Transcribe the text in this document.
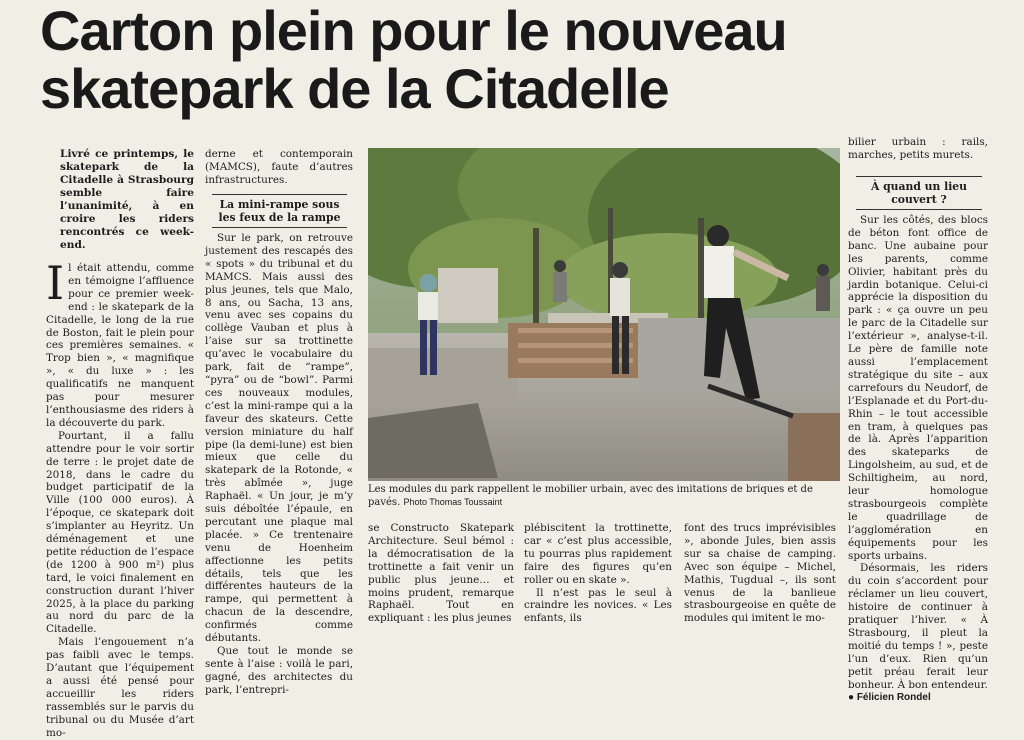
Carton plein pour le nouveau
skatepark de la Citadelle

Livré ce printemps, le skatepark de la Citadelle à Strasbourg semble faire l’unanimité, à en croire les riders rencontrés ce week-end.

Il était attendu, comme en témoigne l’affluence pour ce premier week-end : le skatepark de la Citadelle, le long de la rue de Boston, fait le plein pour ces premières semaines. « Trop bien », « magnifique », « du luxe » : les qualificatifs ne manquent pas pour mesurer l’enthousiasme des riders à la découverte du park.

Pourtant, il a fallu attendre pour le voir sortir de terre : le projet date de 2018, dans le cadre du budget participatif de la Ville (100 000 euros). À l’époque, ce skatepark doit s’implanter au Heyritz. Un déménagement et une petite réduction de l’espace (de 1200 à 900 m²) plus tard, le voici finalement en construction durant l’hiver 2025, à la place du parking au nord du parc de la Citadelle.

Mais l’engouement n’a pas faibli avec le temps. D’autant que l’équipement a aussi été pensé pour accueillir les riders rassemblés sur le parvis du tribunal ou du Musée d’art mo-

derne et contemporain (MAMCS), faute d’autres infrastructures.

La mini-rampe sous les feux de la rampe

Sur le park, on retrouve justement des rescapés des « spots » du tribunal et du MAMCS. Mais aussi des plus jeunes, tels que Malo, 8 ans, ou Sacha, 13 ans, venu avec ses copains du collège Vauban et plus à l’aise sur sa trottinette qu’avec le vocabulaire du park, fait de “rampe”, “pyra” ou de “bowl”. Parmi ces nouveaux modules, c’est la mini-rampe qui a la faveur des skateurs. Cette version miniature du half pipe (la demi-lune) est bien mieux que celle du skatepark de la Rotonde, « très abîmée », juge Raphaël. « Un jour, je m’y suis déboîtée l’épaule, en percutant une plaque mal placée. » Ce trentenaire venu de Hoenheim affectionne les petits détails, tels que les différentes hauteurs de la rampe, qui permettent à chacun de la descendre, confirmés comme débutants.

Que tout le monde se sente à l’aise : voilà le pari, gagné, des architectes du park, l’entrepri-

Les modules du park rappellent le mobilier urbain, avec des imitations de briques et de pavés. Photo Thomas Toussaint

se Constructo Skatepark Architecture. Seul bémol : la démocratisation de la trottinette a fait venir un public plus jeune… et moins prudent, remarque Raphaël. Tout en expliquant : les plus jeunes

plébiscitent la trottinette, car « c’est plus accessible, tu pourras plus rapidement faire des figures qu’en roller ou en skate ».

Il n’est pas le seul à craindre les novices. « Les enfants, ils

font des trucs imprévisibles », abonde Jules, bien assis sur sa chaise de camping. Avec son équipe – Michel, Mathis, Tugdual –, ils sont venus de la banlieue strasbourgeoise en quête de modules qui imitent le mo-

bilier urbain : rails, marches, petits murets.

À quand un lieu couvert ?

Sur les côtés, des blocs de béton font office de banc. Une aubaine pour les parents, comme Olivier, habitant près du jardin botanique. Celui-ci apprécie la disposition du park : « ça ouvre un peu le parc de la Citadelle sur l’extérieur », analyse-t-il. Le père de famille note aussi l’emplacement stratégique du site – aux carrefours du Neudorf, de l’Esplanade et du Port-du-Rhin – le tout accessible en tram, à quelques pas de là. Après l’apparition des skateparks de Lingolsheim, au sud, et de Schiltigheim, au nord, leur homologue strasbourgeois complète le quadrillage de l’agglomération en équipements pour les sports urbains.

Désormais, les riders du coin s’accordent pour réclamer un lieu couvert, histoire de continuer à pratiquer l’hiver. « À Strasbourg, il pleut la moitié du temps ! », peste l’un d’eux. Rien qu’un petit préau ferait leur bonheur. À bon entendeur.

● Félicien Rondel
